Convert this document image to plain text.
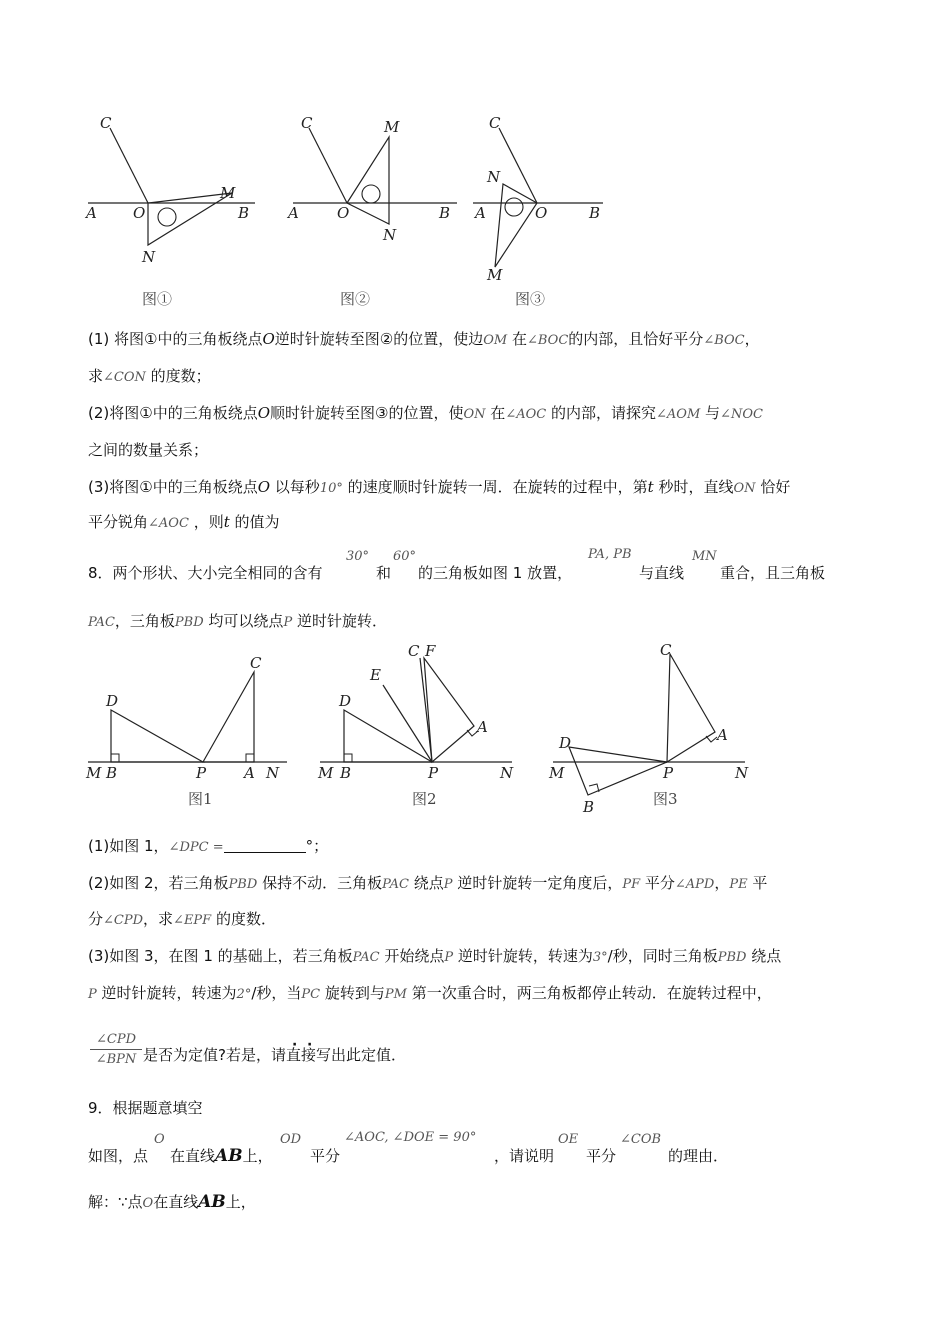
C
A O
M
B
N
图①
C	M
A	O	B
N
图②
C
N
A	O	B
M
图③
(1) 将图①中的三角板绕点O逆时针旋转至图②的位置，使边OM 在∠BOC的内部，且恰好平分∠BOC，
求∠CON 的度数；
(2)将图①中的三角板绕点O顺时针旋转至图③的位置，使ON 在∠AOC 的内部，请探究∠AOM 与∠NOC
之间的数量关系；
(3)将图①中的三角板绕点O 以每秒10° 的速度顺时针旋转一周．在旋转的过程中，第t 秒时，直线ON 恰好
平分锐角∠AOC ，则t 的值为
8．两个形状、大小完全相同的含有
30°
和
60°
的三角板如图 1 放置，
PA, PB
与直线
MN
重合，且三角板
PAC，三角板PBD 均可以绕点P 逆时针旋转．
D
C
M B	P	A N
图1
C F
E
D
A
M B	P	N
图2
C
D	A
M	P	N
B	图3
(1)如图 1，∠DPC =	°；
(2)如图 2，若三角板PBD 保持不动．三角板PAC 绕点P 逆时针旋转一定角度后，PF 平分∠APD，PE 平
分∠CPD，求∠EPF 的度数．
(3)如图 3，在图 1 的基础上，若三角板PAC 开始绕点P 逆时针旋转，转速为3°/秒，同时三角板PBD 绕点
P 逆时针旋转，转速为2°/秒，当PC 旋转到与PM 第一次重合时，两三角板都停止转动．在旋转过程中，
∠CPD
∠BPN 是否为定值?若是，请直接写出此定值．
9．根据题意填空
如图，点
O
在直线AB上，
OD
平分
∠AOC, ∠DOE = 90°
，请说明
OE
平分
∠COB
的理由．
解：∵点O在直线AB上，
